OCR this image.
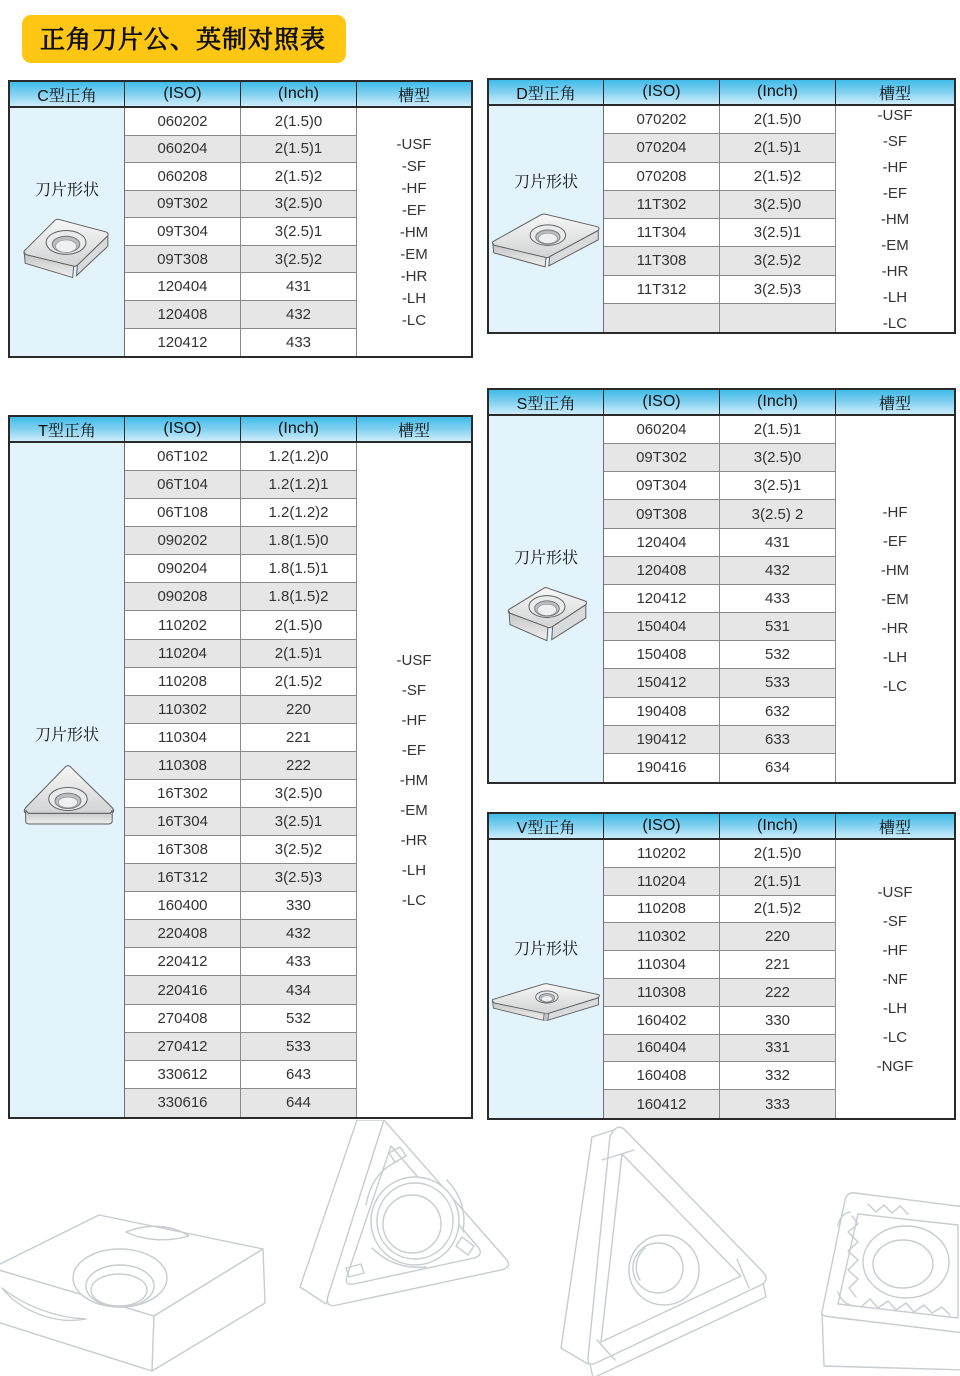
正角刀片公、英制对照表
C型正角	(ISO)	(Inch)	槽型
刀片形状
060202	2(1.5)0
060204	2(1.5)1
060208	2(1.5)2
09T302	3(2.5)0
09T304	3(2.5)1
09T308	3(2.5)2
120404	431
120408	432
120412	433
-USF
-SF
-HF
-EF
-HM
-EM
-HR
-LH
-LC
D型正角	(ISO)	(Inch)	槽型
刀片形状
070202	2(1.5)0
070204	2(1.5)1
070208	2(1.5)2
11T302	3(2.5)0
11T304	3(2.5)1
11T308	3(2.5)2
11T312	3(2.5)3
-USF
-SF
-HF
-EF
-HM
-EM
-HR
-LH
-LC
T型正角	(ISO)	(Inch)	槽型
刀片形状
06T102	1.2(1.2)0
06T104	1.2(1.2)1
06T108	1.2(1.2)2
090202	1.8(1.5)0
090204	1.8(1.5)1
090208	1.8(1.5)2
110202	2(1.5)0
110204	2(1.5)1
110208	2(1.5)2
110302	220
110304	221
110308	222
16T302	3(2.5)0
16T304	3(2.5)1
16T308	3(2.5)2
16T312	3(2.5)3
160400	330
220408	432
220412	433
220416	434
270408	532
270412	533
330612	643
330616	644
-USF
-SF
-HF
-EF
-HM
-EM
-HR
-LH
-LC
S型正角	(ISO)	(Inch)	槽型
刀片形状
060204	2(1.5)1
09T302	3(2.5)0
09T304	3(2.5)1
09T308	3(2.5) 2
120404	431
120408	432
120412	433
150404	531
150408	532
150412	533
190408	632
190412	633
190416	634
-HF
-EF
-HM
-EM
-HR
-LH
-LC
V型正角	(ISO)	(Inch)	槽型
刀片形状
110202	2(1.5)0
110204	2(1.5)1
110208	2(1.5)2
110302	220
110304	221
110308	222
160402	330
160404	331
160408	332
160412	333
-USF
-SF
-HF
-NF
-LH
-LC
-NGF
